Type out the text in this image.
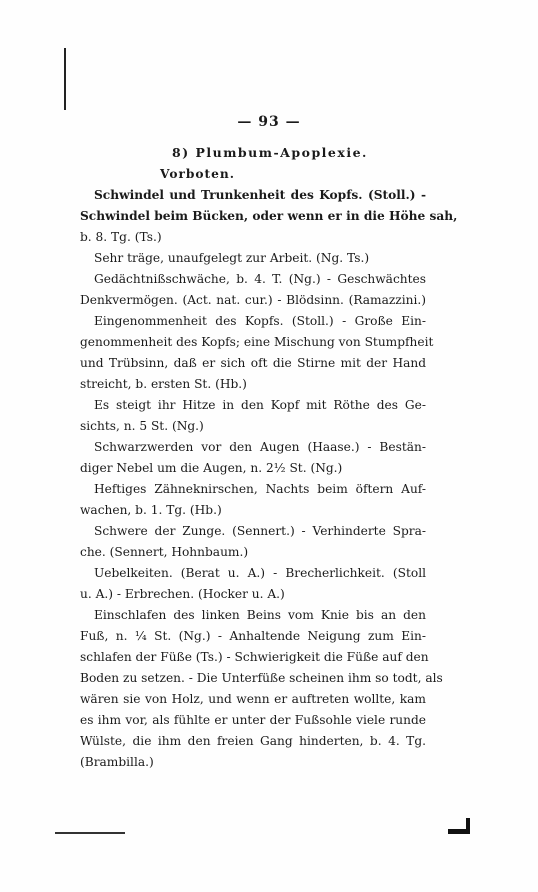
— 93 —
8) Plumbum-Apoplexie.
Vorboten.
Schwindel und Trunkenheit des Kopfs. (Stoll.) -
Schwindel beim Bücken, oder wenn er in die Höhe sah,
b. 8. Tg. (Ts.)
Sehr träge, unaufgelegt zur Arbeit. (Ng. Ts.)
Gedächtnißschwäche, b. 4. T. (Ng.) - Geschwächtes
Denkvermögen. (Act. nat. cur.) - Blödsinn. (Ramazzini.)
Eingenommenheit des Kopfs. (Stoll.) - Große Ein-
genommenheit des Kopfs; eine Mischung von Stumpfheit
und Trübsinn, daß er sich oft die Stirne mit der Hand
streicht, b. ersten St. (Hb.)
Es steigt ihr Hitze in den Kopf mit Röthe des Ge-
sichts, n. 5 St. (Ng.)
Schwarzwerden vor den Augen (Haase.) - Bestän-
diger Nebel um die Augen, n. 2½ St. (Ng.)
Heftiges Zähneknirschen, Nachts beim öftern Auf-
wachen, b. 1. Tg. (Hb.)
Schwere der Zunge. (Sennert.) - Verhinderte Spra-
che. (Sennert, Hohnbaum.)
Uebelkeiten. (Berat u. A.) - Brecherlichkeit. (Stoll
u. A.) - Erbrechen. (Hocker u. A.)
Einschlafen des linken Beins vom Knie bis an den
Fuß, n. ¼ St. (Ng.) - Anhaltende Neigung zum Ein-
schlafen der Füße (Ts.) - Schwierigkeit die Füße auf den
Boden zu setzen. - Die Unterfüße scheinen ihm so todt, als
wären sie von Holz, und wenn er auftreten wollte, kam
es ihm vor, als fühlte er unter der Fußsohle viele runde
Wülste, die ihm den freien Gang hinderten, b. 4. Tg.
(Brambilla.)
